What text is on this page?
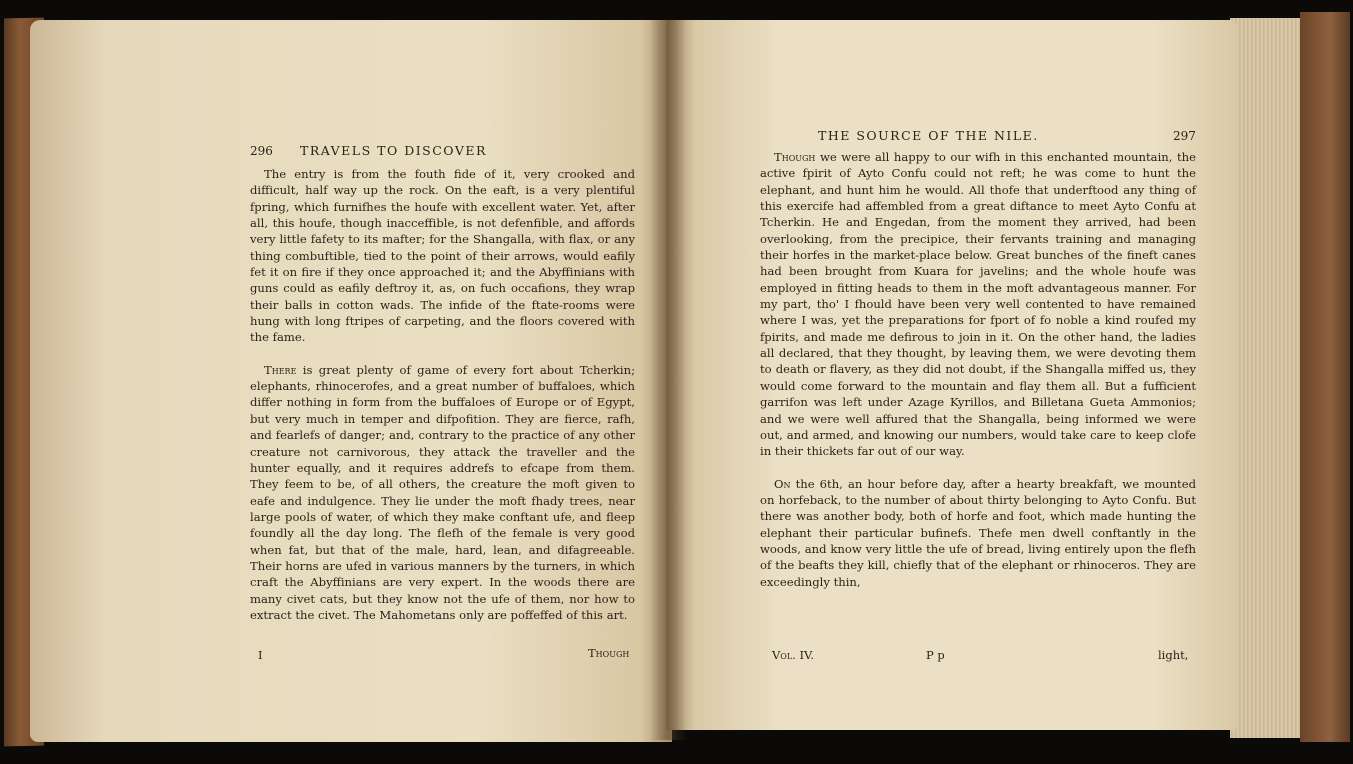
296 TRAVELS TO DISCOVER

The entry is from the fouth fide of it, very crooked and difficult, half way up the rock. On the eaft, is a very plentiful fpring, which furnifhes the houfe with excellent water. Yet, after all, this houfe, though inacceffible, is not defenfible, and affords very little fafety to its mafter; for the Shangalla, with flax, or any thing combuftible, tied to the point of their arrows, would eafily fet it on fire if they once approached it; and the Abyffinians with guns could as eafily deftroy it, as, on fuch occafions, they wrap their balls in cotton wads. The infide of the ftate-rooms were hung with long ftripes of carpeting, and the floors covered with the fame.

There is great plenty of game of every fort about Tcherkin; elephants, rhinocerofes, and a great number of buffaloes, which differ nothing in form from the buffaloes of Europe or of Egypt, but very much in temper and difpofition. They are fierce, rafh, and fearlefs of danger; and, contrary to the practice of any other creature not carnivorous, they attack the traveller and the hunter equally, and it requires addrefs to efcape from them. They feem to be, of all others, the creature the moft given to eafe and indulgence. They lie under the moft fhady trees, near large pools of water, of which they make conftant ufe, and fleep foundly all the day long. The flefh of the female is very good when fat, but that of the male, hard, lean, and difagreeable. Their horns are ufed in various manners by the turners, in which craft the Abyffinians are very expert. In the woods there are many civet cats, but they know not the ufe of them, nor how to extract the civet. The Mahometans only are poffeffed of this art.

I	Though
THE SOURCE OF THE NILE.	297

Though we were all happy to our wifh in this enchanted mountain, the active fpirit of Ayto Confu could not reft; he was come to hunt the elephant, and hunt him he would. All thofe that underftood any thing of this exercife had affembled from a great diftance to meet Ayto Confu at Tcherkin. He and Engedan, from the moment they arrived, had been overlooking, from the precipice, their fervants training and managing their horfes in the market-place below. Great bunches of the fineft canes had been brought from Kuara for javelins; and the whole houfe was employed in fitting heads to them in the moft advantageous manner. For my part, tho' I fhould have been very well contented to have remained where I was, yet the preparations for fport of fo noble a kind roufed my fpirits, and made me defirous to join in it. On the other hand, the ladies all declared, that they thought, by leaving them, we were devoting them to death or flavery, as they did not doubt, if the Shangalla miffed us, they would come forward to the mountain and flay them all. But a fufficient garrifon was left under Azage Kyrillos, and Billetana Gueta Ammonios; and we were well affured that the Shangalla, being informed we were out, and armed, and knowing our numbers, would take care to keep clofe in their thickets far out of our way.

On the 6th, an hour before day, after a hearty breakfaft, we mounted on horfeback, to the number of about thirty belonging to Ayto Confu. But there was another body, both of horfe and foot, which made hunting the elephant their particular bufinefs. Thefe men dwell conftantly in the woods, and know very little the ufe of bread, living entirely upon the flefh of the beafts they kill, chiefly that of the elephant or rhinoceros. They are exceedingly thin,

Vol. IV.	P p	light,
